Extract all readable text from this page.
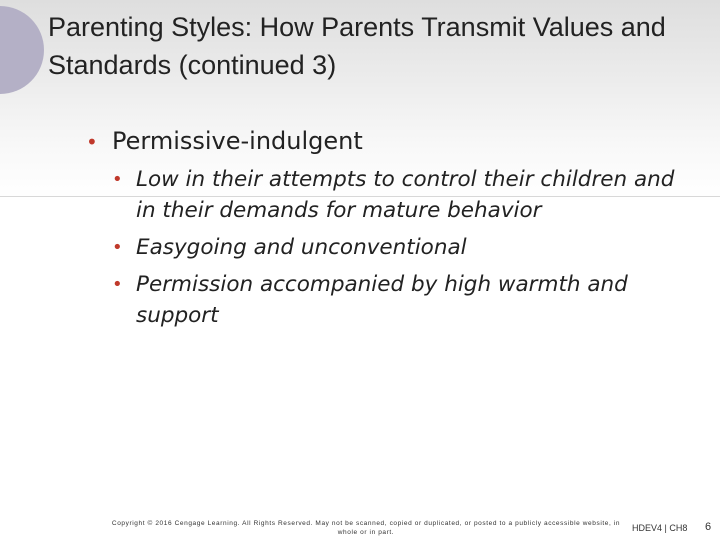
Parenting Styles: How Parents Transmit Values and Standards (continued 3)
• Permissive-indulgent
• Low in their attempts to control their children and in their demands for mature behavior
• Easygoing and unconventional
• Permission accompanied by high warmth and support
Copyright © 2016 Cengage Learning. All Rights Reserved. May not be scanned, copied or duplicated, or posted to a publicly accessible website, in whole or in part.	HDEV4 | CH8 6
